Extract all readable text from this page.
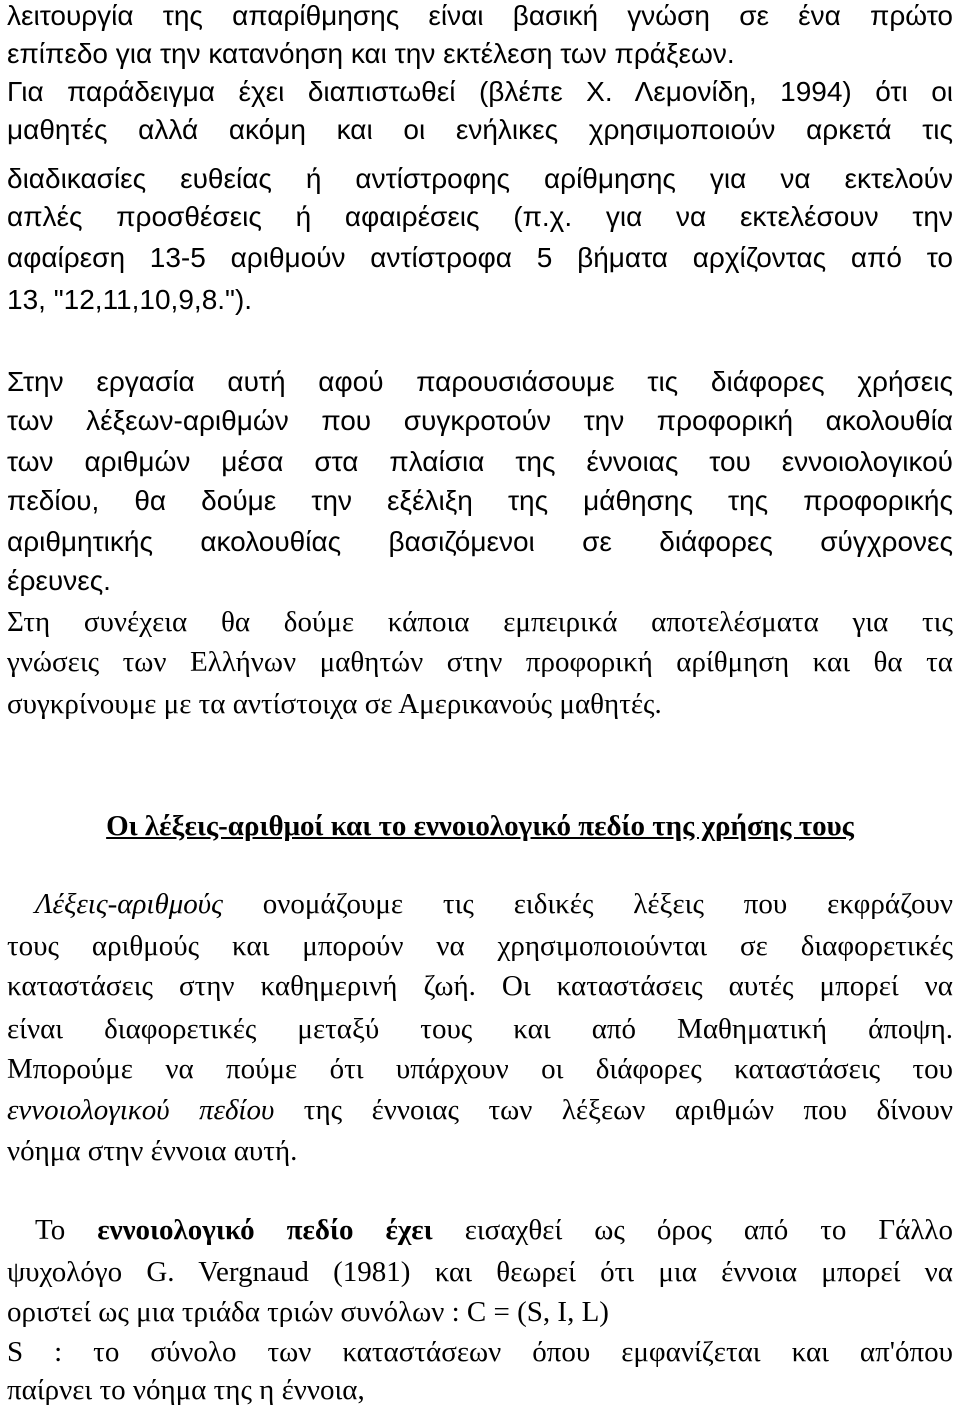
λειτουργία της απαρίθμησης είναι βασική γνώση σε ένα πρώτο
επίπεδο για την κατανόηση και την εκτέλεση των πράξεων.
Για παράδειγμα έχει διαπιστωθεί (βλέπε Χ. Λεμονίδη, 1994) ότι οι
μαθητές αλλά ακόμη και οι ενήλικες χρησιμοποιούν αρκετά τις
διαδικασίες ευθείας ή αντίστροφης αρίθμησης για να εκτελούν
απλές προσθέσεις ή αφαιρέσεις (π.χ. για να εκτελέσουν την
αφαίρεση 13-5 αριθμούν αντίστροφα 5 βήματα αρχίζοντας από το
13, "12,11,10,9,8.").
Στην εργασία αυτή αφού παρουσιάσουμε τις διάφορες χρήσεις
των λέξεων-αριθμών που συγκροτούν την προφορική ακολουθία
των αριθμών μέσα στα πλαίσια της έννοιας του εννοιολογικού
πεδίου, θα δούμε την εξέλιξη της μάθησης της προφορικής
αριθμητικής ακολουθίας βασιζόμενοι σε διάφορες σύγχρονες
έρευνες.
Στη συνέχεια θα δούμε κάποια εμπειρικά αποτελέσματα για τις
γνώσεις των Ελλήνων μαθητών στην προφορική αρίθμηση και θα τα
συγκρίνουμε με τα αντίστοιχα σε Αμερικανούς μαθητές.
Οι λέξεις-αριθμοί και το εννοιολογικό πεδίο της χρήσης τους
Λέξεις-αριθμούς ονομάζουμε τις ειδικές λέξεις που εκφράζουν
τους αριθμούς και μπορούν να χρησιμοποιούνται σε διαφορετικές
καταστάσεις στην καθημερινή ζωή. Οι καταστάσεις αυτές μπορεί να
είναι διαφορετικές μεταξύ τους και από Μαθηματική άποψη.
Μπορούμε να πούμε ότι υπάρχουν οι διάφορες καταστάσεις του
εννοιολογικού πεδίου της έννοιας των λέξεων αριθμών που δίνουν
νόημα στην έννοια αυτή.
Το εννοιολογικό πεδίο έχει εισαχθεί ως όρος από το Γάλλο
ψυχολόγο G. Vergnaud (1981) και θεωρεί ότι μια έννοια μπορεί να
οριστεί ως μια τριάδα τριών συνόλων : C = (S, I, L)
S : το σύνολο των καταστάσεων όπου εμφανίζεται και απ'όπου
παίρνει το νόημα της η έννοια,
